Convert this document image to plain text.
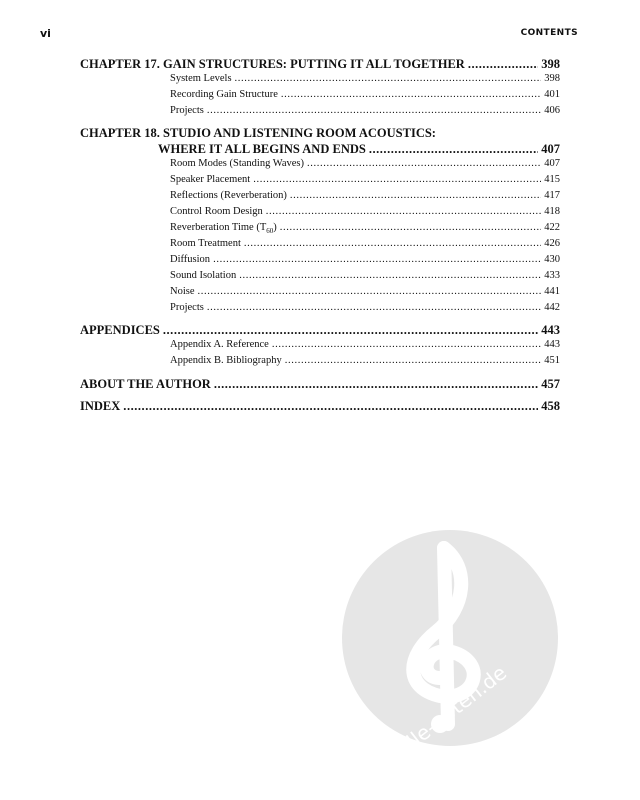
vi	CONTENTS
CHAPTER 17. GAIN STRUCTURES: PUTTING IT ALL TOGETHER . . .	398
System Levels . . .	398
Recording Gain Structure . . .	401
Projects . . .	406
CHAPTER 18. STUDIO AND LISTENING ROOM ACOUSTICS:
WHERE IT ALL BEGINS AND ENDS . . .	407
Room Modes (Standing Waves) . . .	407
Speaker Placement . . .	415
Reflections (Reverberation) . . .	417
Control Room Design . . .	418
Reverberation Time $(T_{60})$ . . .	422
Room Treatment . . .	426
Diffusion . . .	430
Sound Isolation . . .	433
Noise . . .	441
Projects . . .	442
APPENDICES . . .	443
Appendix A. Reference . . .	443
Appendix B. Bibliography . . .	451
ABOUT THE AUTHOR . . .	457
INDEX . . .	458
alle-noten.de
